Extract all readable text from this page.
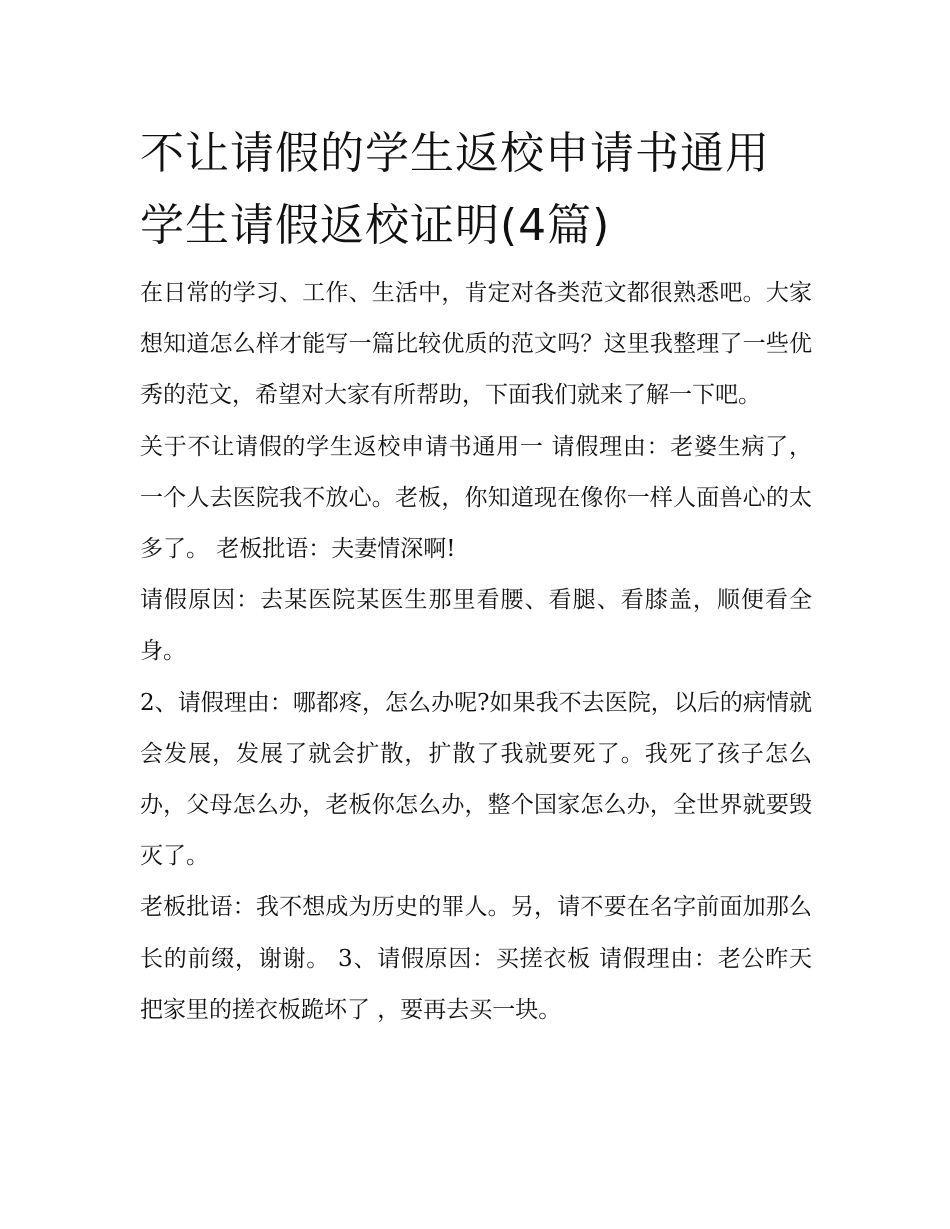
不让请假的学生返校申请书通用 学生请假返校证明(4篇)

在日常的学习、工作、生活中，肯定对各类范文都很熟悉吧。大家想知道怎么样才能写一篇比较优质的范文吗？这里我整理了一些优秀的范文，希望对大家有所帮助，下面我们就来了解一下吧。

关于不让请假的学生返校申请书通用一 请假理由：老婆生病了，一个人去医院我不放心。老板，你知道现在像你一样人面兽心的太多了。 老板批语：夫妻情深啊!

请假原因：去某医院某医生那里看腰、看腿、看膝盖，顺便看全身。

2、请假理由：哪都疼，怎么办呢?如果我不去医院，以后的病情就会发展，发展了就会扩散，扩散了我就要死了。我死了孩子怎么办，父母怎么办，老板你怎么办，整个国家怎么办，全世界就要毁灭了。

老板批语：我不想成为历史的罪人。另，请不要在名字前面加那么长的前缀，谢谢。 3、请假原因：买搓衣板 请假理由：老公昨天把家里的搓衣板跪坏了 ，要再去买一块。
